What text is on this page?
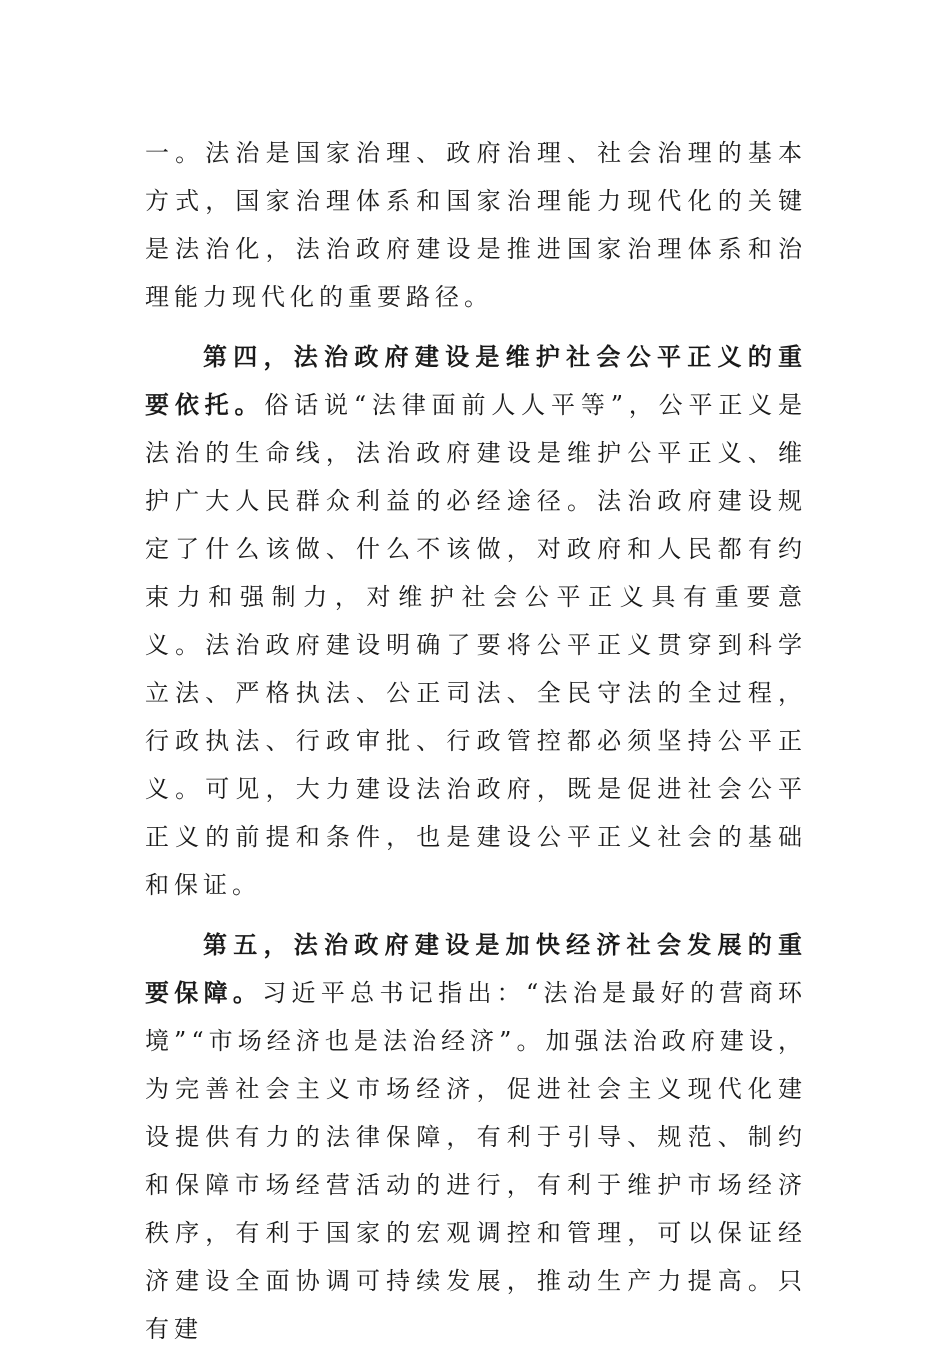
一。法治是国家治理、政府治理、社会治理的基本方式，国家治理体系和国家治理能力现代化的关键是法治化，法治政府建设是推进国家治理体系和治理能力现代化的重要路径。

第四，法治政府建设是维护社会公平正义的重要依托。俗话说“法律面前人人平等”，公平正义是法治的生命线，法治政府建设是维护公平正义、维护广大人民群众利益的必经途径。法治政府建设规定了什么该做、什么不该做，对政府和人民都有约束力和强制力，对维护社会公平正义具有重要意义。法治政府建设明确了要将公平正义贯穿到科学立法、严格执法、公正司法、全民守法的全过程，行政执法、行政审批、行政管控都必须坚持公平正义。可见，大力建设法治政府，既是促进社会公平正义的前提和条件，也是建设公平正义社会的基础和保证。

第五，法治政府建设是加快经济社会发展的重要保障。习近平总书记指出：“法治是最好的营商环境”“市场经济也是法治经济”。加强法治政府建设，为完善社会主义市场经济，促进社会主义现代化建设提供有力的法律保障，有利于引导、规范、制约和保障市场经营活动的进行，有利于维护市场经济秩序，有利于国家的宏观调控和管理，可以保证经济建设全面协调可持续发展，推动生产力提高。只有建
